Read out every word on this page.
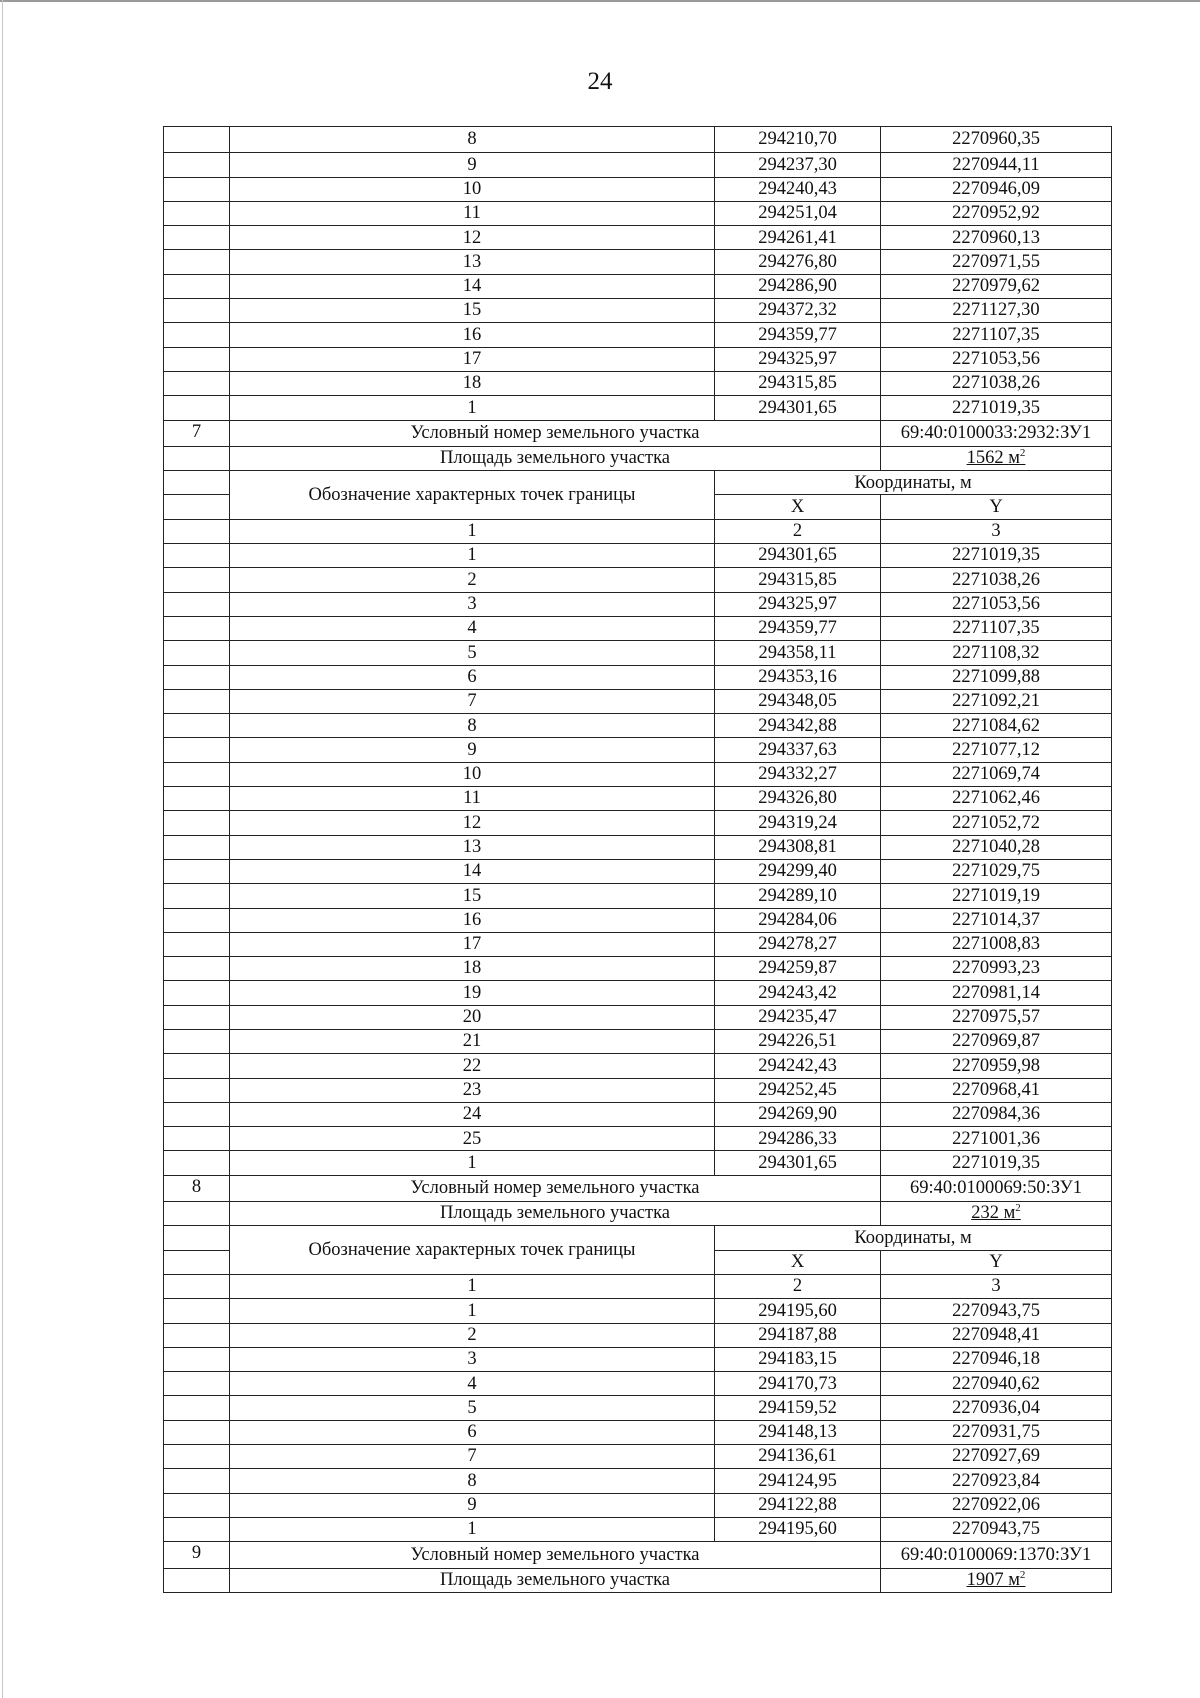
24
	8	294210,70	2270960,35
	9	294237,30	2270944,11
	10	294240,43	2270946,09
	11	294251,04	2270952,92
	12	294261,41	2270960,13
	13	294276,80	2270971,55
	14	294286,90	2270979,62
	15	294372,32	2271127,30
	16	294359,77	2271107,35
	17	294325,97	2271053,56
	18	294315,85	2271038,26
	1	294301,65	2271019,35
7	Условный номер земельного участка		69:40:0100033:2932:ЗУ1
	Площадь земельного участка		1562 $м^2$
	Обозначение характерных точек границы	Координаты, м	
		X	Y
	1	2	3
	1	294301,65	2271019,35
	2	294315,85	2271038,26
	3	294325,97	2271053,56
	4	294359,77	2271107,35
	5	294358,11	2271108,32
	6	294353,16	2271099,88
	7	294348,05	2271092,21
	8	294342,88	2271084,62
	9	294337,63	2271077,12
	10	294332,27	2271069,74
	11	294326,80	2271062,46
	12	294319,24	2271052,72
	13	294308,81	2271040,28
	14	294299,40	2271029,75
	15	294289,10	2271019,19
	16	294284,06	2271014,37
	17	294278,27	2271008,83
	18	294259,87	2270993,23
	19	294243,42	2270981,14
	20	294235,47	2270975,57
	21	294226,51	2270969,87
	22	294242,43	2270959,98
	23	294252,45	2270968,41
	24	294269,90	2270984,36
	25	294286,33	2271001,36
	1	294301,65	2271019,35
8	Условный номер земельного участка		69:40:0100069:50:ЗУ1
	Площадь земельного участка		232 $м^2$
	Обозначение характерных точек границы	Координаты, м	
		X	Y
	1	2	3
	1	294195,60	2270943,75
	2	294187,88	2270948,41
	3	294183,15	2270946,18
	4	294170,73	2270940,62
	5	294159,52	2270936,04
	6	294148,13	2270931,75
	7	294136,61	2270927,69
	8	294124,95	2270923,84
	9	294122,88	2270922,06
	1	294195,60	2270943,75
9	Условный номер земельного участка		69:40:0100069:1370:ЗУ1
	Площадь земельного участка		1907 $м^2$
